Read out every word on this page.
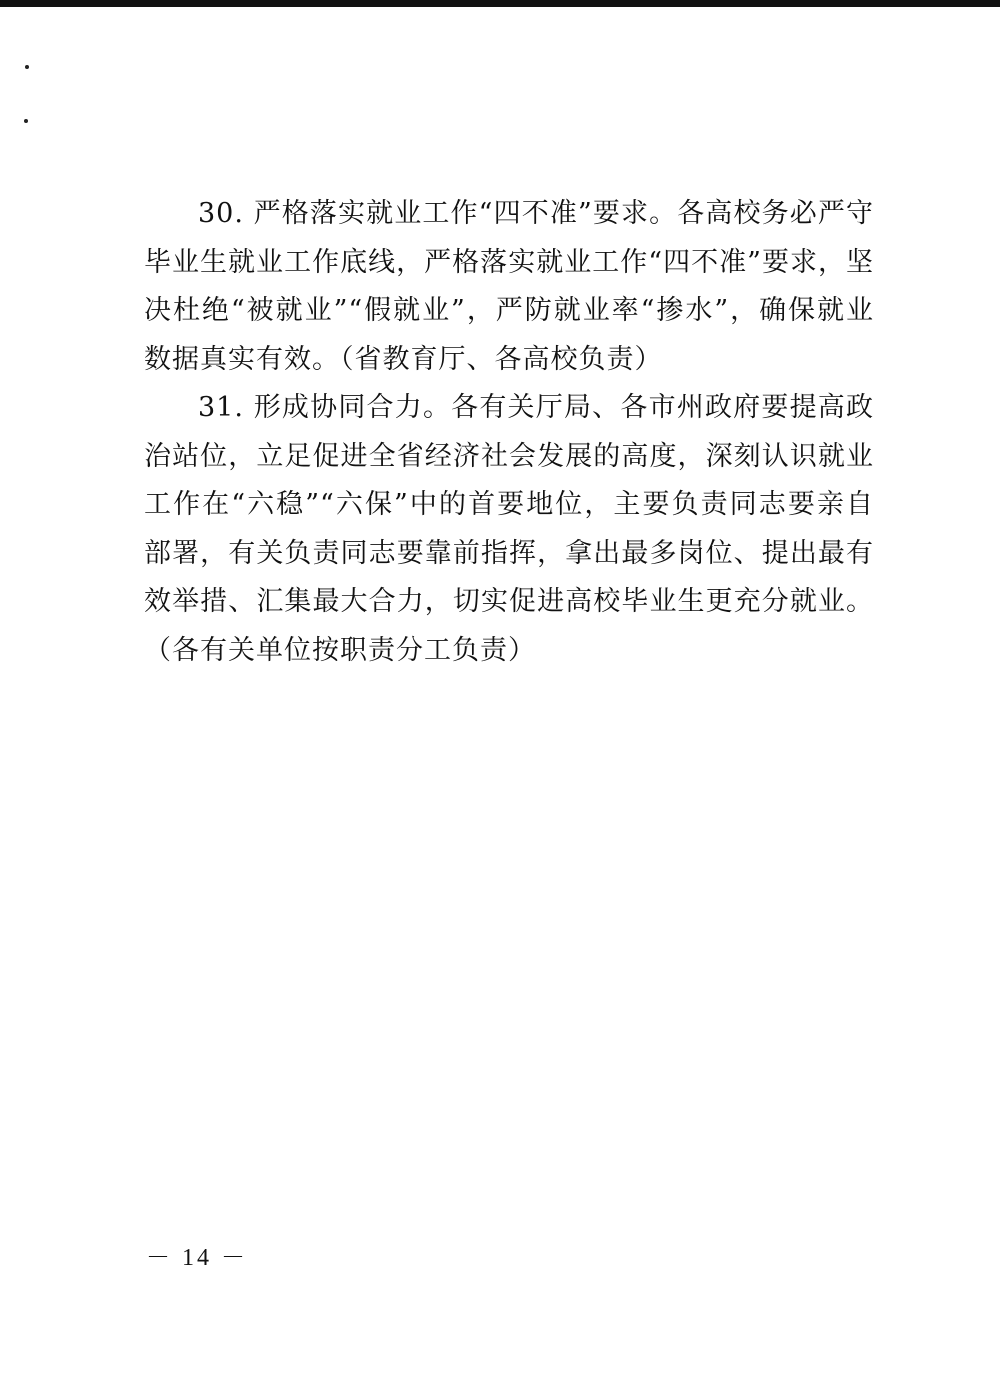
30. 严格落实就业工作“四不准”要求。各高校务必严守毕业生就业工作底线，严格落实就业工作“四不准”要求，坚决杜绝“被就业”“假就业”，严防就业率“掺水”，确保就业数据真实有效。（省教育厅、各高校负责）

31. 形成协同合力。各有关厅局、各市州政府要提高政治站位，立足促进全省经济社会发展的高度，深刻认识就业工作在“六稳”“六保”中的首要地位，主要负责同志要亲自部署，有关负责同志要靠前指挥，拿出最多岗位、提出最有效举措、汇集最大合力，切实促进高校毕业生更充分就业。（各有关单位按职责分工负责）

－ 14 －
